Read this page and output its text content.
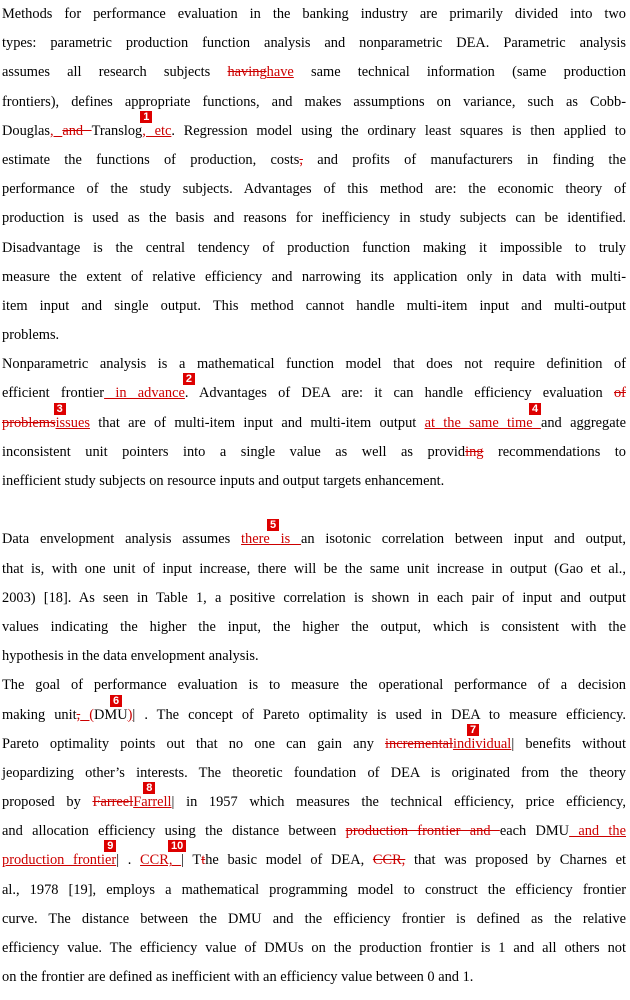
Methods for performance evaluation in the banking industry are primarily divided into two
types: parametric production function analysis and nonparametric DEA. Parametric analysis
assumes all research subjects havinghave same technical information (same production
frontiers), defines appropriate functions, and makes assumptions on variance, such as Cobb-
Douglas, and Translog
1
, etc. Regression model using the ordinary least squares is then applied to
estimate the functions of production, costs, and profits of manufacturers in finding the
performance of the study subjects. Advantages of this method are: the economic theory of
production is used as the basis and reasons for inefficiency in study subjects can be identified.
Disadvantage is the central tendency of production function making it impossible to truly
measure the extent of relative efficiency and narrowing its application only in data with multi-
item input and single output. This method cannot handle multi-item input and multi-output
problems.
Nonparametric analysis is a mathematical function model that does not require definition of
efficient frontier in advance
2
. Advantages of DEA are: it can handle efficiency evaluation of
problems
3
issues that are of multi-item input and multi-item output at the same time
4
and aggregate
inconsistent unit pointers into a single value as well as providing recommendations to
inefficient study subjects on resource inputs and output targets enhancement.
Data envelopment analysis assumes
5
there is an isotonic correlation between input and output,
that is, with one unit of input increase, there will be the same unit increase in output (Gao et al.,
2003) [18]. As seen in Table 1, a positive correlation is shown in each pair of input and output
values indicating the higher the input, the higher the output, which is consistent with the
hypothesis in the data envelopment analysis.
The goal of performance evaluation is to measure the operational performance of a decision
making unit, (
6
DMU)| . The concept of Pareto optimality is used in DEA to measure efficiency.
Pareto optimality points out that no one can gain any incremental
7
individual| benefits without
jeopardizing other’s interests. The theoretic foundation of DEA is originated from the theory
proposed by Farreel
8
Farrell| in 1957 which measures the technical efficiency, price efficiency,
and allocation efficiency using the distance between production frontier and each DMU and the
production frontier
9
| .
10
CCR, | Tthe basic model of DEA, CCR, that was proposed by Charnes et
al., 1978 [19], employs a mathematical programming model to construct the efficiency frontier
curve. The distance between the DMU and the efficiency frontier is defined as the relative
efficiency value. The efficiency value of DMUs on the production frontier is 1 and all others not
on the frontier are defined as inefficient with an efficiency value between 0 and 1.
